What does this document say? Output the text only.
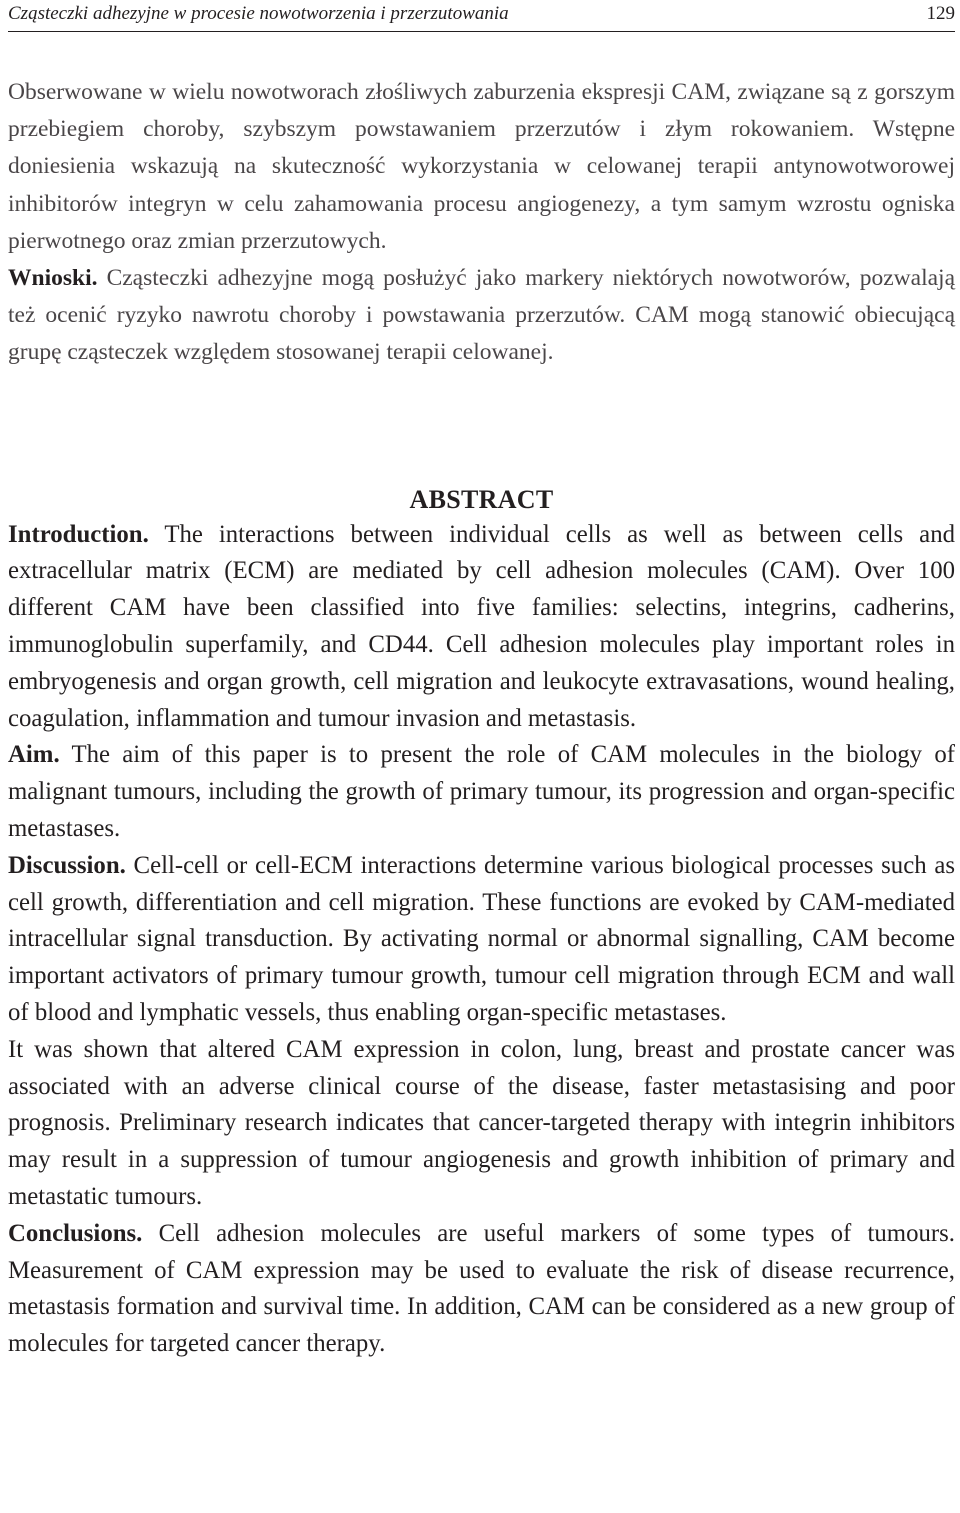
Cząsteczki adhezyjne w procesie nowotworzenia i przerzutowania	129

Obserwowane w wielu nowotworach złośliwych zaburzenia ekspresji CAM, związane są z gorszym przebiegiem choroby, szybszym powstawaniem przerzutów i złym rokowaniem. Wstępne doniesienia wskazują na skuteczność wykorzystania w celowanej terapii antynowotworowej inhibitorów integryn w celu zahamowania procesu angiogenezy, a tym samym wzrostu ogniska pierwotnego oraz zmian przerzutowych.

Wnioski. Cząsteczki adhezyjne mogą posłużyć jako markery niektórych nowotworów, pozwalają też ocenić ryzyko nawrotu choroby i powstawania przerzutów. CAM mogą stanowić obiecującą grupę cząsteczek względem stosowanej terapii celowanej.

ABSTRACT

Introduction. The interactions between individual cells as well as between cells and extracellular matrix (ECM) are mediated by cell adhesion molecules (CAM). Over 100 different CAM have been classified into five families: selectins, integrins, cadherins, immunoglobulin superfamily, and CD44. Cell adhesion molecules play important roles in embryogenesis and organ growth, cell migration and leukocyte extravasations, wound healing, coagulation, inflammation and tumour invasion and metastasis.

Aim. The aim of this paper is to present the role of CAM molecules in the biology of malignant tumours, including the growth of primary tumour, its progression and organ-specific metastases.

Discussion. Cell-cell or cell-ECM interactions determine various biological processes such as cell growth, differentiation and cell migration. These functions are evoked by CAM-mediated intracellular signal transduction. By activating normal or abnormal signalling, CAM become important activators of primary tumour growth, tumour cell migration through ECM and wall of blood and lymphatic vessels, thus enabling organ-specific metastases.

It was shown that altered CAM expression in colon, lung, breast and prostate cancer was associated with an adverse clinical course of the disease, faster metastasising and poor prognosis. Preliminary research indicates that cancer-targeted therapy with integrin inhibitors may result in a suppression of tumour angiogenesis and growth inhibition of primary and metastatic tumours.

Conclusions. Cell adhesion molecules are useful markers of some types of tumours. Measurement of CAM expression may be used to evaluate the risk of disease recurrence, metastasis formation and survival time. In addition, CAM can be considered as a new group of molecules for targeted cancer therapy.
